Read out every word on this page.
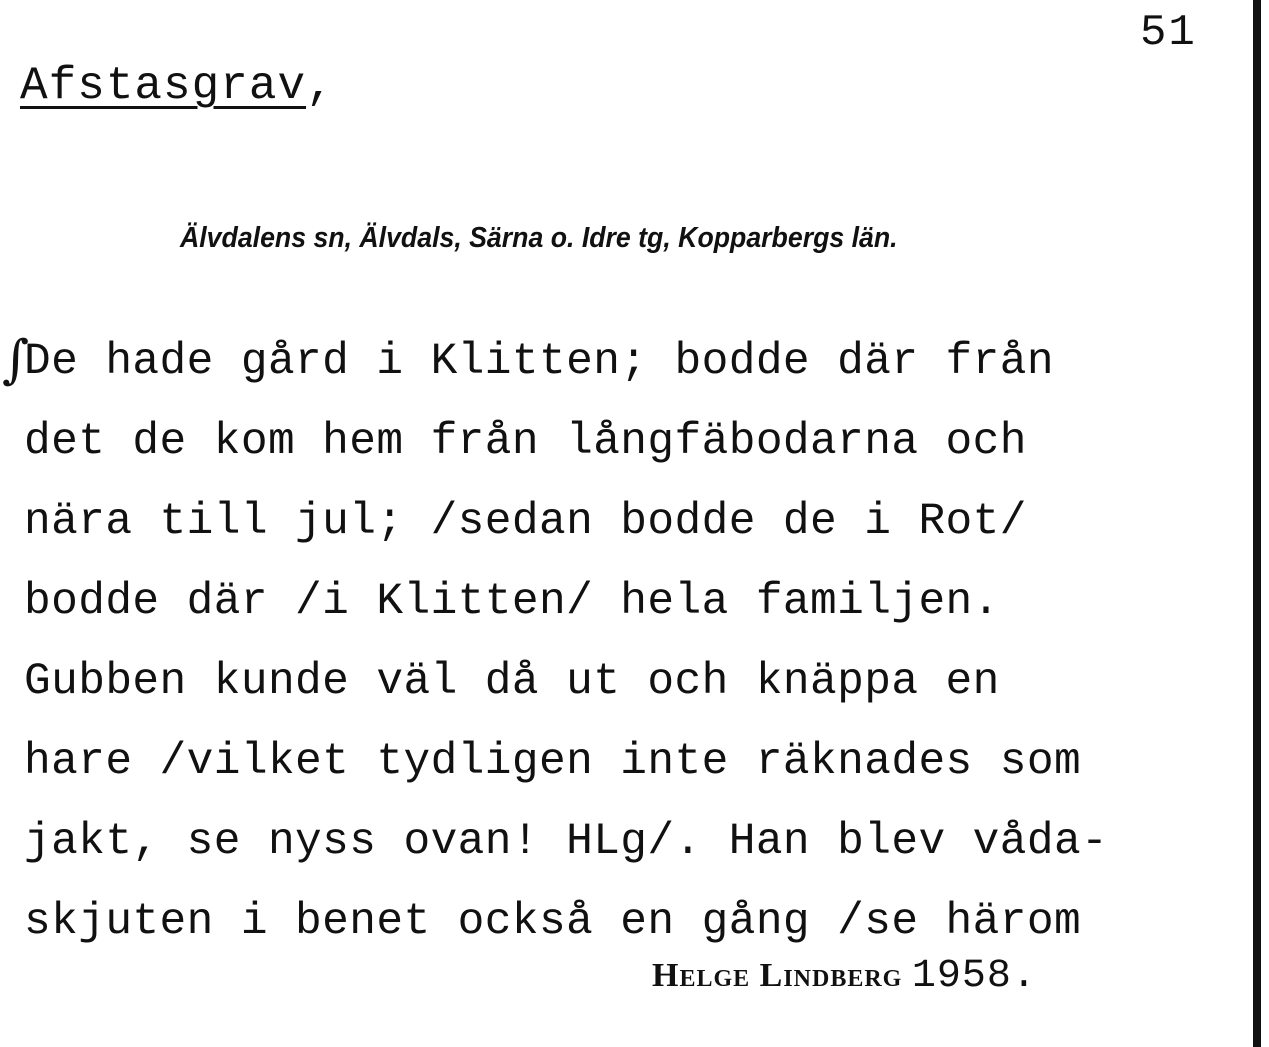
51
Afstasgrav,
Älvdalens sn, Älvdals, Särna o. Idre tg, Kopparbergs län.
∫
De hade gård i Klitten; bodde där från
det de kom hem från långfäbodarna och
nära till jul; /sedan bodde de i Rot/
bodde där /i Klitten/ hela familjen.
Gubben kunde väl då ut och knäppa en
hare /vilket tydligen inte räknades som
jakt, se nyss ovan! HLg/. Han blev våda-
skjuten i benet också en gång /se härom
Helge Lindberg 1958.
